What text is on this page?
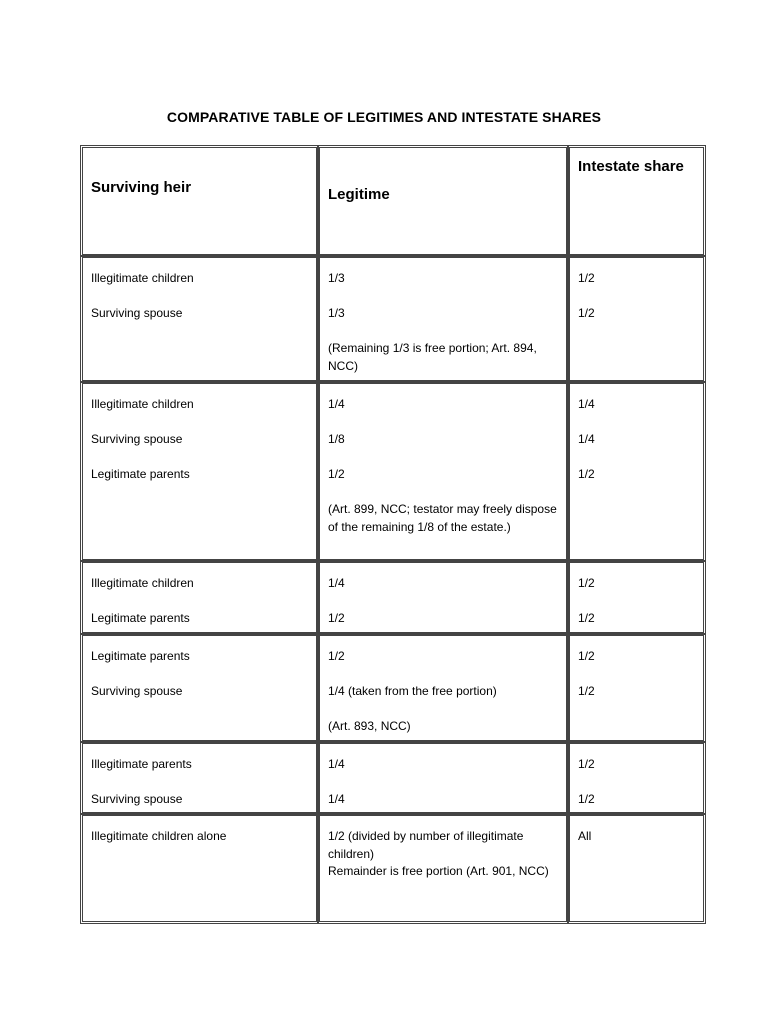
COMPARATIVE TABLE OF LEGITIMES AND INTESTATE SHARES
Surviving heir	Legitime
Intestate share
Illegitimate children
Surviving spouse
1/3
1/3
(Remaining 1/3 is free portion; Art. 894, NCC)
1/2
1/2
Illegitimate children
Surviving spouse
Legitimate parents
1/4
1/8
1/2
(Art. 899, NCC; testator may freely dispose of the remaining 1/8 of the estate.)
1/4
1/4
1/2
Illegitimate children
Legitimate parents
1/4
1/2
1/2
1/2
Legitimate parents
Surviving spouse
1/2
1/4 (taken from the free portion)
(Art. 893, NCC)
1/2
1/2
Illegitimate parents
Surviving spouse
1/4
1/4
1/2
1/2
Illegitimate children alone	1/2 (divided by number of illegitimate children)
Remainder is free portion (Art. 901, NCC)
All
